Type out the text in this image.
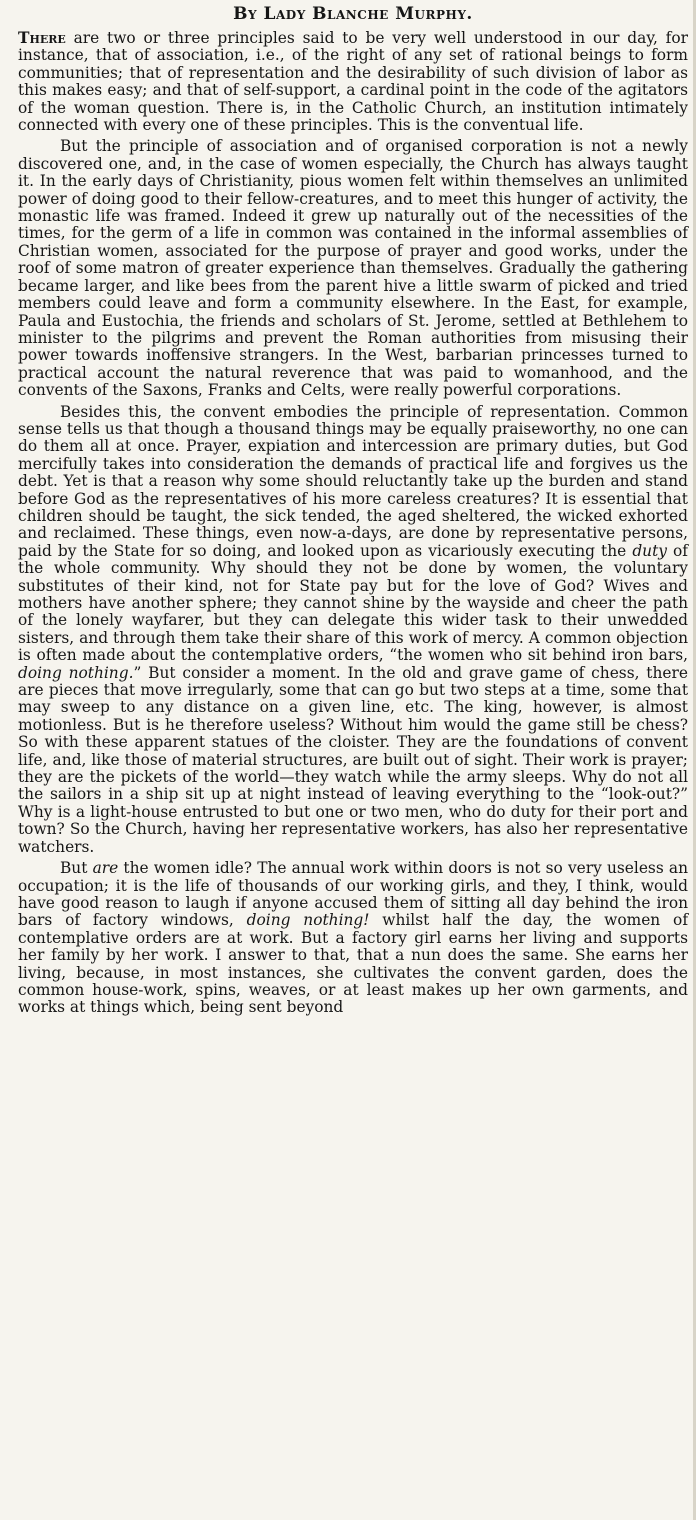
By Lady Blanche Murphy.

There are two or three principles said to be very well understood in our day, for instance, that of association, i.e., of the right of any set of rational beings to form communities; that of representation and the desirability of such division of labor as this makes easy; and that of self-support, a cardinal point in the code of the agitators of the woman question. There is, in the Catholic Church, an institution intimately connected with every one of these principles. This is the conventual life.

But the principle of association and of organised corporation is not a newly discovered one, and, in the case of women especially, the Church has always taught it. In the early days of Christianity, pious women felt within themselves an unlimited power of doing good to their fellow-creatures, and to meet this hunger of activity, the monastic life was framed. Indeed it grew up naturally out of the necessities of the times, for the germ of a life in common was contained in the informal assemblies of Christian women, associated for the purpose of prayer and good works, under the roof of some matron of greater experience than themselves. Gradually the gathering became larger, and like bees from the parent hive a little swarm of picked and tried members could leave and form a community elsewhere. In the East, for example, Paula and Eustochia, the friends and scholars of St. Jerome, settled at Bethlehem to minister to the pilgrims and prevent the Roman authorities from misusing their power towards inoffensive strangers. In the West, barbarian princesses turned to practical account the natural reverence that was paid to womanhood, and the convents of the Saxons, Franks and Celts, were really powerful corporations.

Besides this, the convent embodies the principle of representation. Common sense tells us that though a thousand things may be equally praiseworthy, no one can do them all at once. Prayer, expiation and intercession are primary duties, but God mercifully takes into consideration the demands of practical life and forgives us the debt. Yet is that a reason why some should reluctantly take up the burden and stand before God as the representatives of his more careless creatures? It is essential that children should be taught, the sick tended, the aged sheltered, the wicked exhorted and reclaimed. These things, even now-a-days, are done by representative persons, paid by the State for so doing, and looked upon as vicariously executing the duty of the whole community. Why should they not be done by women, the voluntary substitutes of their kind, not for State pay but for the love of God? Wives and mothers have another sphere; they cannot shine by the wayside and cheer the path of the lonely wayfarer, but they can delegate this wider task to their unwedded sisters, and through them take their share of this work of mercy. A common objection is often made about the contemplative orders, “the women who sit behind iron bars, doing nothing.” But consider a moment. In the old and grave game of chess, there are pieces that move irregularly, some that can go but two steps at a time, some that may sweep to any distance on a given line, etc. The king, however, is almost motionless. But is he therefore useless? Without him would the game still be chess? So with these apparent statues of the cloister. They are the foundations of convent life, and, like those of material structures, are built out of sight. Their work is prayer; they are the pickets of the world—they watch while the army sleeps. Why do not all the sailors in a ship sit up at night instead of leaving everything to the “look-out?” Why is a light-house entrusted to but one or two men, who do duty for their port and town? So the Church, having her representative workers, has also her representative watchers.

But are the women idle? The annual work within doors is not so very useless an occupation; it is the life of thousands of our working girls, and they, I think, would have good reason to laugh if anyone accused them of sitting all day behind the iron bars of factory windows, doing nothing! whilst half the day, the women of contemplative orders are at work. But a factory girl earns her living and supports her family by her work. I answer to that, that a nun does the same. She earns her living, because, in most instances, she cultivates the convent garden, does the common house-work, spins, weaves, or at least makes up her own garments, and works at things which, being sent beyond
